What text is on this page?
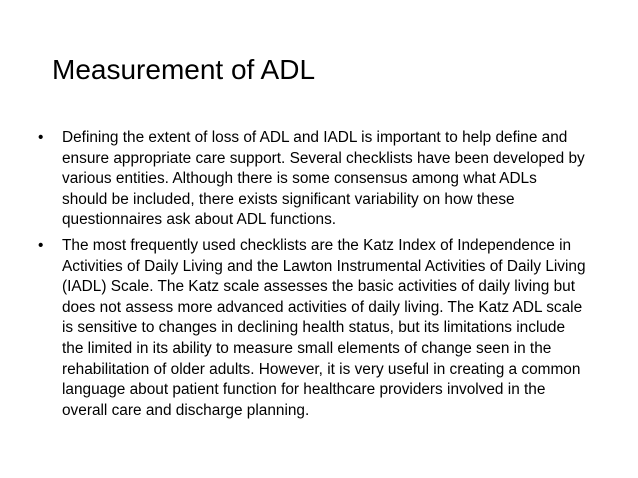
Measurement of ADL
•	Defining the extent of loss of ADL and IADL is important to help define and ensure appropriate care support. Several checklists have been developed by various entities. Although there is some consensus among what ADLs should be included, there exists significant variability on how these questionnaires ask about ADL functions.
•	The most frequently used checklists are the Katz Index of Independence in Activities of Daily Living and the Lawton Instrumental Activities of Daily Living (IADL) Scale. The Katz scale assesses the basic activities of daily living but does not assess more advanced activities of daily living. The Katz ADL scale is sensitive to changes in declining health status, but its limitations include the limited in its ability to measure small elements of change seen in the rehabilitation of older adults. However, it is very useful in creating a common language about patient function for healthcare providers involved in the overall care and discharge planning.
